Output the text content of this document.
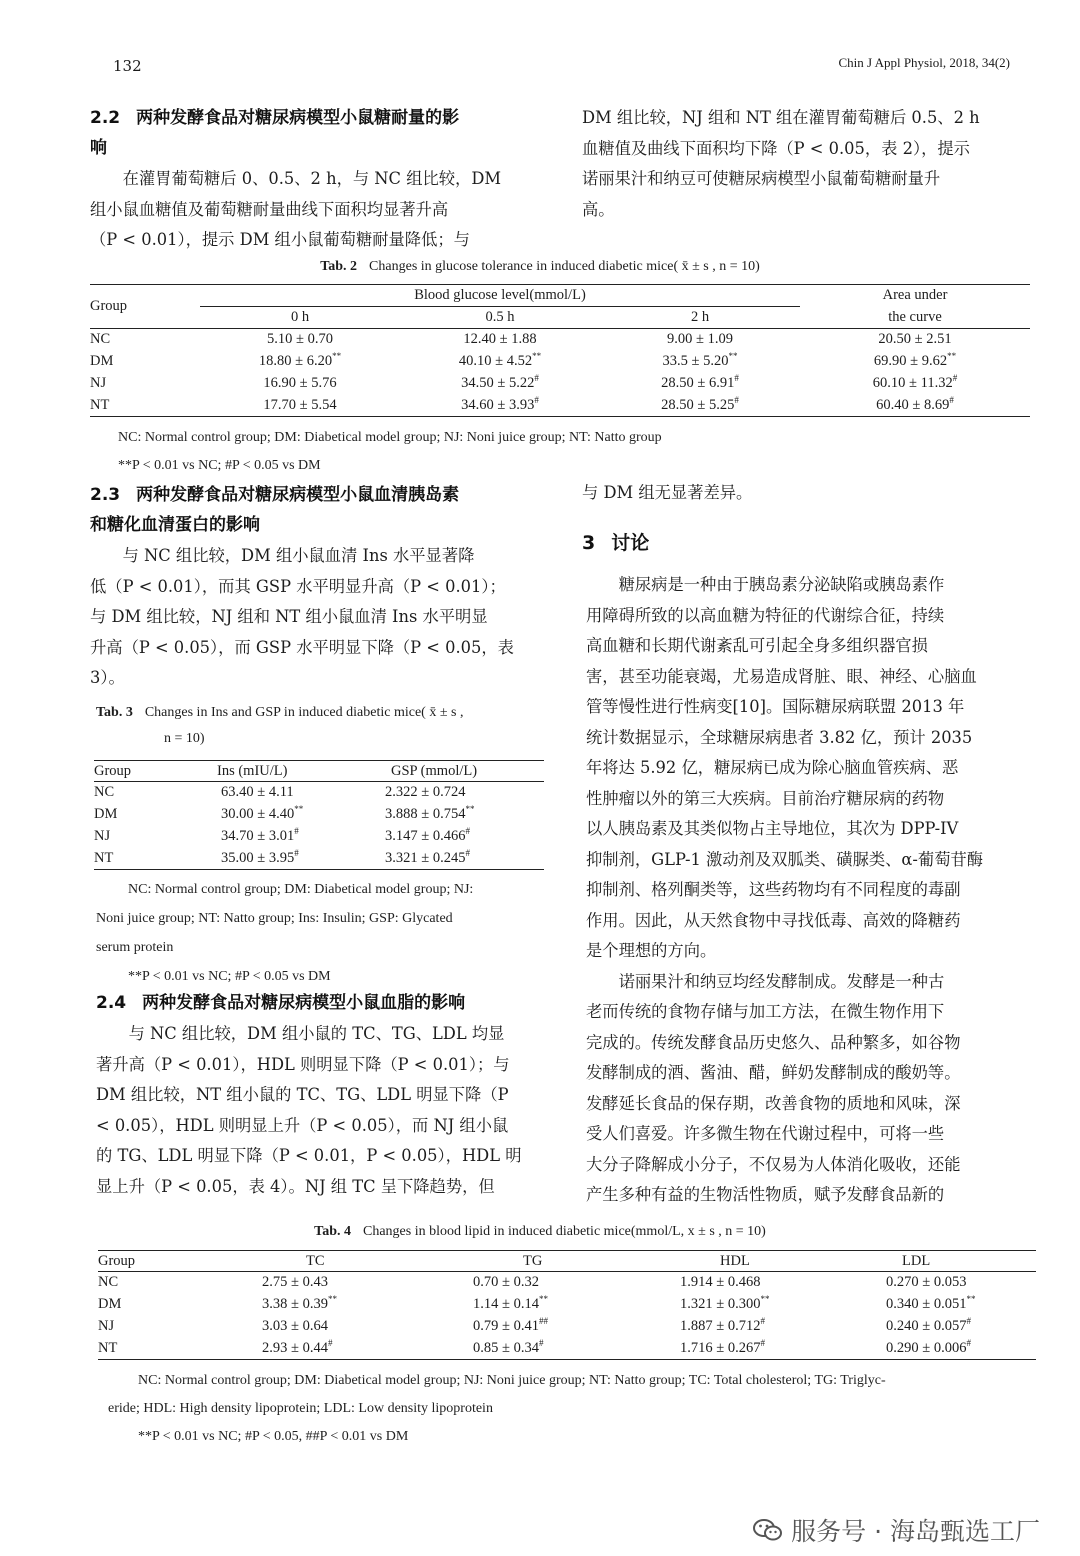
132	Chin J Appl Physiol, 2018, 34(2)
2.2 两种发酵食品对糖尿病模型小鼠糖耐量的影
响
在灌胃葡萄糖后 0、0.5、2 h，与 NC 组比较，DM
组小鼠血糖值及葡萄糖耐量曲线下面积均显著升高
（P < 0.01），提示 DM 组小鼠葡萄糖耐量降低；与
DM 组比较，NJ 组和 NT 组在灌胃葡萄糖后 0.5、2 h
血糖值及曲线下面积均下降（P < 0.05，表 2），提示
诺丽果汁和纳豆可使糖尿病模型小鼠葡萄糖耐量升
高。
Tab. 2 Changes in glucose tolerance in induced diabetic mice( x̄ ± s , n = 10)
Group	Blood glucose level(mmol/L)			Area under
	0 h	0.5 h	2 h	the curve
NC	5.10 ± 0.70	12.40 ± 1.88	9.00 ± 1.09	20.50 ± 2.51
DM	18.80 ± 6.20**	40.10 ± 4.52**	33.5 ± 5.20**	69.90 ± 9.62**
NJ	16.90 ± 5.76	34.50 ± 5.22#	28.50 ± 6.91#	60.10 ± 11.32#
NT	17.70 ± 5.54	34.60 ± 3.93#	28.50 ± 5.25#	60.40 ± 8.69#
NC: Normal control group; DM: Diabetical model group; NJ: Noni juice group; NT: Natto group
**P < 0.01 vs NC; #P < 0.05 vs DM
2.3 两种发酵食品对糖尿病模型小鼠血清胰岛素
和糖化血清蛋白的影响
与 NC 组比较，DM 组小鼠血清 Ins 水平显著降
低（P < 0.01），而其 GSP 水平明显升高（P < 0.01）；
与 DM 组比较，NJ 组和 NT 组小鼠血清 Ins 水平明显
升高（P < 0.05），而 GSP 水平明显下降（P < 0.05，表
3）。
Tab. 3 Changes in Ins and GSP in induced diabetic mice( x̄ ± s ,
n = 10)
Group	Ins (mIU/L)	GSP (mmol/L)
NC	63.40 ± 4.11	2.322 ± 0.724
DM	30.00 ± 4.40**	3.888 ± 0.754**
NJ	34.70 ± 3.01#	3.147 ± 0.466#
NT	35.00 ± 3.95#	3.321 ± 0.245#
NC: Normal control group; DM: Diabetical model group; NJ:
Noni juice group; NT: Natto group; Ins: Insulin; GSP: Glycated
serum protein
**P < 0.01 vs NC; #P < 0.05 vs DM
2.4 两种发酵食品对糖尿病模型小鼠血脂的影响
与 NC 组比较，DM 组小鼠的 TC、TG、LDL 均显
著升高（P < 0.01），HDL 则明显下降（P < 0.01）；与
DM 组比较，NT 组小鼠的 TC、TG、LDL 明显下降（P
< 0.05），HDL 则明显上升（P < 0.05），而 NJ 组小鼠
的 TG、LDL 明显下降（P < 0.01，P < 0.05），HDL 明
显上升（P < 0.05，表 4）。NJ 组 TC 呈下降趋势，但
与 DM 组无显著差异。
3 讨论
糖尿病是一种由于胰岛素分泌缺陷或胰岛素作
用障碍所致的以高血糖为特征的代谢综合征，持续
高血糖和长期代谢紊乱可引起全身多组织器官损
害，甚至功能衰竭，尤易造成肾脏、眼、神经、心脑血
管等慢性进行性病变[10]。国际糖尿病联盟 2013 年
统计数据显示，全球糖尿病患者 3.82 亿，预计 2035
年将达 5.92 亿，糖尿病已成为除心脑血管疾病、恶
性肿瘤以外的第三大疾病。目前治疗糖尿病的药物
以人胰岛素及其类似物占主导地位，其次为 DPP-IV
抑制剂，GLP-1 激动剂及双胍类、磺脲类、α-葡萄苷酶
抑制剂、格列酮类等，这些药物均有不同程度的毒副
作用。因此，从天然食物中寻找低毒、高效的降糖药
是个理想的方向。
诺丽果汁和纳豆均经发酵制成。发酵是一种古
老而传统的食物存储与加工方法，在微生物作用下
完成的。传统发酵食品历史悠久、品种繁多，如谷物
发酵制成的酒、酱油、醋，鲜奶发酵制成的酸奶等。
发酵延长食品的保存期，改善食物的质地和风味，深
受人们喜爱。许多微生物在代谢过程中，可将一些
大分子降解成小分子，不仅易为人体消化吸收，还能
产生多种有益的生物活性物质，赋予发酵食品新的
Tab. 4 Changes in blood lipid in induced diabetic mice(mmol/L, x ± s , n = 10)
Group	TC	TG	HDL	LDL
NC	2.75 ± 0.43	0.70 ± 0.32	1.914 ± 0.468	0.270 ± 0.053
DM	3.38 ± 0.39**	1.14 ± 0.14**	1.321 ± 0.300**	0.340 ± 0.051**
NJ	3.03 ± 0.64	0.79 ± 0.41##	1.887 ± 0.712#	0.240 ± 0.057#
NT	2.93 ± 0.44#	0.85 ± 0.34#	1.716 ± 0.267#	0.290 ± 0.006#
NC: Normal control group; DM: Diabetical model group; NJ: Noni juice group; NT: Natto group; TC: Total cholesterol; TG: Triglyc-
eride; HDL: High density lipoprotein; LDL: Low density lipoprotein
**P < 0.01 vs NC; #P < 0.05, ##P < 0.01 vs DM
服务号 · 海岛甄选工厂
